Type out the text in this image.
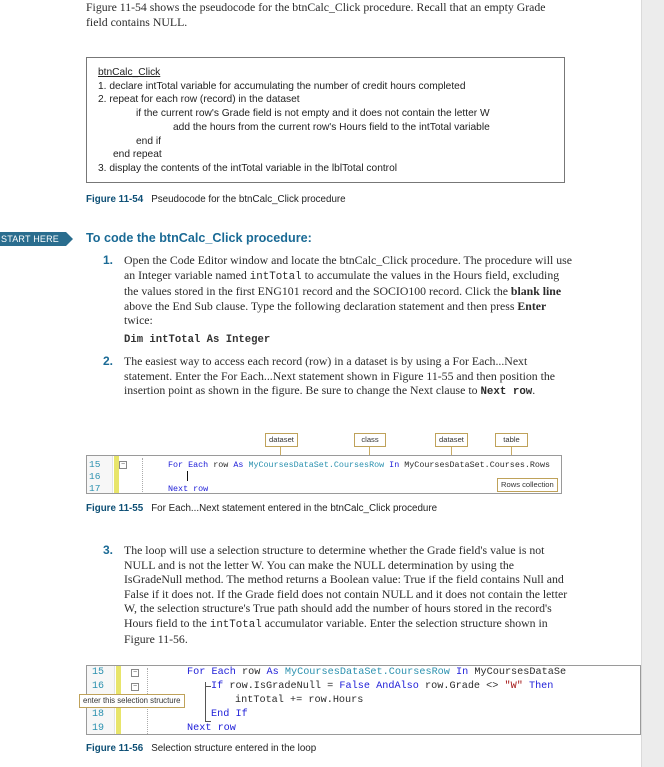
Figure 11-54 shows the pseudocode for the btnCalc_Click procedure. Recall that an empty Grade field contains NULL.

btnCalc_Click
1. declare intTotal variable for accumulating the number of credit hours completed
2. repeat for each row (record) in the dataset
if the current row's Grade field is not empty and it does not contain the letter W
add the hours from the current row's Hours field to the intTotal variable
end if
end repeat
3. display the contents of the intTotal variable in the lblTotal control
Figure 11-54 Pseudocode for the btnCalc_Click procedure
START HERE	To code the btnCalc_Click procedure:
1. Open the Code Editor window and locate the btnCalc_Click procedure. The procedure will use an Integer variable named intTotal to accumulate the values in the Hours field, excluding the values stored in the first ENG101 record and the SOCIO100 record. Click the blank line above the End Sub clause. Type the following declaration statement and then press Enter twice:
Dim intTotal As Integer
2. The easiest way to access each record (row) in a dataset is by using a For Each...Next statement. Enter the For Each...Next statement shown in Figure 11-55 and then position the insertion point as shown in the figure. Be sure to change the Next clause to Next row.
dataset	class	dataset	table
15
16
17
−	For Each row As MyCoursesDataSet.CoursesRow In MyCoursesDataSet.Courses.Rows
Next row	Rows collection
Figure 11-55 For Each...Next statement entered in the btnCalc_Click procedure
3. The loop will use a selection structure to determine whether the Grade field's value is not NULL and is not the letter W. You can make the NULL determination by using the IsGradeNull method. The method returns a Boolean value: True if the field contains Null and False if it does not. If the Grade field does not contain NULL and it does not contain the letter W, the selection structure's True path should add the number of hours stored in the record's Hours field to the intTotal accumulator variable. Enter the selection structure shown in Figure 11-56.
15
16
18
19
−
−
For Each row As MyCoursesDataSet.CoursesRow In MyCoursesDataSe
If row.IsGradeNull = False AndAlso row.Grade <> "W" Then
intTotal += row.Hours
End If
Next row
enter this selection structure
Figure 11-56 Selection structure entered in the loop
